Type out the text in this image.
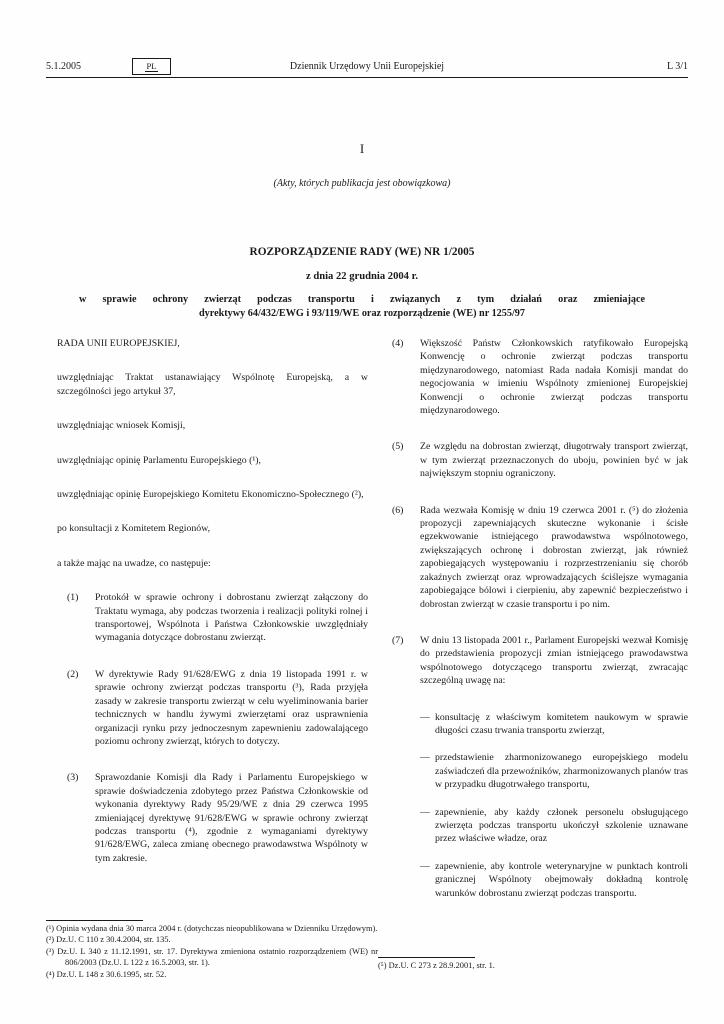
5.1.2005	PL	Dziennik Urzędowy Unii Europejskiej	L 3/1
I
(Akty, których publikacja jest obowiązkowa)
ROZPORZĄDZENIE RADY (WE) NR 1/2005
z dnia 22 grudnia 2004 r.
w sprawie ochrony zwierząt podczas transportu i związanych z tym działań oraz zmieniające
dyrektywy 64/432/EWG i 93/119/WE oraz rozporządzenie (WE) nr 1255/97

RADA UNII EUROPEJSKIEJ,

uwzględniając Traktat ustanawiający Wspólnotę Europejską, a w szczególności jego artykuł 37,

uwzględniając wniosek Komisji,

uwzględniając opinię Parlamentu Europejskiego (¹),

uwzględniając opinię Europejskiego Komitetu Ekonomiczno-Społecznego (²),

po konsultacji z Komitetem Regionów,

a także mając na uwadze, co następuje:

(1)	Protokół w sprawie ochrony i dobrostanu zwierząt załączony do Traktatu wymaga, aby podczas tworzenia i realizacji polityki rolnej i transportowej, Wspólnota i Państwa Członkowskie uwzględniały wymagania dotyczące dobrostanu zwierząt.
(2)	W dyrektywie Rady 91/628/EWG z dnia 19 listopada 1991 r. w sprawie ochrony zwierząt podczas transportu (³), Rada przyjęła zasady w zakresie transportu zwierząt w celu wyeliminowania barier technicznych w handlu żywymi zwierzętami oraz usprawnienia organizacji rynku przy jednoczesnym zapewnieniu zadowalającego poziomu ochrony zwierząt, których to dotyczy.
(3)	Sprawozdanie Komisji dla Rady i Parlamentu Europejskiego w sprawie doświadczenia zdobytego przez Państwa Członkowskie od wykonania dyrektywy Rady 95/29/WE z dnia 29 czerwca 1995 zmieniającej dyrektywę 91/628/EWG w sprawie ochrony zwierząt podczas transportu (⁴), zgodnie z wymaganiami dyrektywy 91/628/EWG, zaleca zmianę obecnego prawodawstwa Wspólnoty w tym zakresie.
(¹) Opinia wydana dnia 30 marca 2004 r. (dotychczas nieopublikowana w Dzienniku Urzędowym).
(²) Dz.U. C 110 z 30.4.2004, str. 135.
(³) Dz.U. L 340 z 11.12.1991, str. 17. Dyrektywa zmieniona ostatnio rozporządzeniem (WE) nr 806/2003 (Dz.U. L 122 z 16.5.2003, str. 1).
(⁴) Dz.U. L 148 z 30.6.1995, str. 52.
(4)	Większość Państw Członkowskich ratyfikowało Europejską Konwencję o ochronie zwierząt podczas transportu międzynarodowego, natomiast Rada nadała Komisji mandat do negocjowania w imieniu Wspólnoty zmienionej Europejskiej Konwencji o ochronie zwierząt podczas transportu międzynarodowego.
(5)	Ze względu na dobrostan zwierząt, długotrwały transport zwierząt, w tym zwierząt przeznaczonych do uboju, powinien być w jak największym stopniu ograniczony.
(6)	Rada wezwała Komisję w dniu 19 czerwca 2001 r. (⁵) do złożenia propozycji zapewniających skuteczne wykonanie i ścisłe egzekwowanie istniejącego prawodawstwa wspólnotowego, zwiększających ochronę i dobrostan zwierząt, jak również zapobiegających występowaniu i rozprzestrzenianiu się chorób zakaźnych zwierząt oraz wprowadzających ściślejsze wymagania zapobiegające bólowi i cierpieniu, aby zapewnić bezpieczeństwo i dobrostan zwierząt w czasie transportu i po nim.
(7)	W dniu 13 listopada 2001 r., Parlament Europejski wezwał Komisję do przedstawienia propozycji zmian istniejącego prawodawstwa wspólnotowego dotyczącego transportu zwierząt, zwracając szczególną uwagę na:
— konsultację z właściwym komitetem naukowym w sprawie długości czasu trwania transportu zwierząt,
— przedstawienie zharmonizowanego europejskiego modelu zaświadczeń dla przewoźników, zharmonizowanych planów tras w przypadku długotrwałego transportu,
— zapewnienie, aby każdy członek personelu obsługującego zwierzęta podczas transportu ukończył szkolenie uznawane przez właściwe władze, oraz
— zapewnienie, aby kontrole weterynaryjne w punktach kontroli granicznej Wspólnoty obejmowały dokładną kontrolę warunków dobrostanu zwierząt podczas transportu.
(⁵) Dz.U. C 273 z 28.9.2001, str. 1.
